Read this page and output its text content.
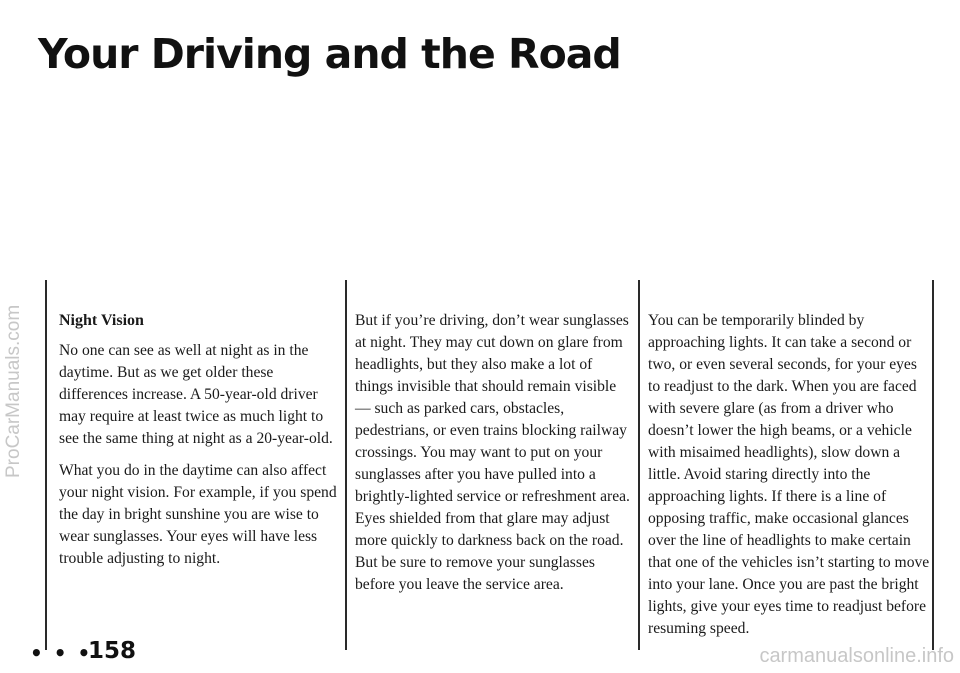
Your Driving and the Road
ProCarManuals.com Night Vision

No one can see as well at night as in the daytime. But as we get older these differences increase. A 50-year-old driver may require at least twice as much light to see the same thing at night as a 20-year-old.

What you do in the daytime can also affect your night vision. For example, if you spend the day in bright sunshine you are wise to wear sunglasses. Your eyes will have less trouble adjusting to night.

But if you’re driving, don’t wear sunglasses at night. They may cut down on glare from headlights, but they also make a lot of things invisible that should remain visible — such as parked cars, obstacles, pedestrians, or even trains blocking railway crossings. You may want to put on your sunglasses after you have pulled into a brightly-lighted service or refreshment area. Eyes shielded from that glare may adjust more quickly to darkness back on the road. But be sure to remove your sunglasses before you leave the service area.

You can be temporarily blinded by approaching lights. It can take a second or two, or even several seconds, for your eyes to readjust to the dark. When you are faced with severe glare (as from a driver who doesn’t lower the high beams, or a vehicle with misaimed headlights), slow down a little. Avoid staring directly into the approaching lights. If there is a line of opposing traffic, make occasional glances over the line of headlights to make certain that one of the vehicles isn’t starting to move into your lane. Once you are past the bright lights, give your eyes time to readjust before resuming speed.

• • •
158	carmanualsonline.info
